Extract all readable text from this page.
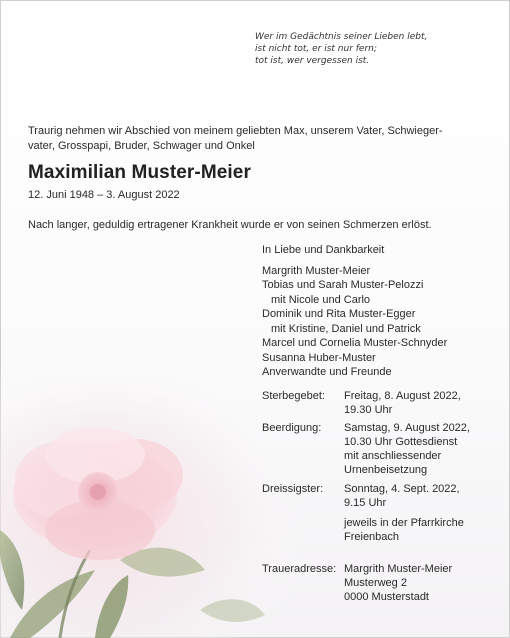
Wer im Gedächtnis seiner Lieben lebt,
ist nicht tot, er ist nur fern;
tot ist, wer vergessen ist.
Traurig nehmen wir Abschied von meinem geliebten Max, unserem Vater, Schwieger-
vater, Grosspapi, Bruder, Schwager und Onkel
Maximilian Muster-Meier
12. Juni 1948 – 3. August 2022
Nach langer, geduldig ertragener Krankheit wurde er von seinen Schmerzen erlöst.
In Liebe und Dankbarkeit
Margrith Muster-Meier
Tobias und Sarah Muster-Pelozzi
mit Nicole und Carlo
Dominik und Rita Muster-Egger
mit Kristine, Daniel und Patrick
Marcel und Cornelia Muster-Schnyder
Susanna Huber-Muster
Anverwandte und Freunde
Sterbegebet: Freitag, 8. August 2022,
19.30 Uhr
Beerdigung: Samstag, 9. August 2022,
10.30 Uhr Gottesdienst
mit anschliessender
Urnenbeisetzung
Dreissigster: Sonntag, 4. Sept. 2022,
9.15 Uhr
jeweils in der Pfarrkirche
Freienbach
Traueradresse: Margrith Muster-Meier
Musterweg 2
0000 Musterstadt
